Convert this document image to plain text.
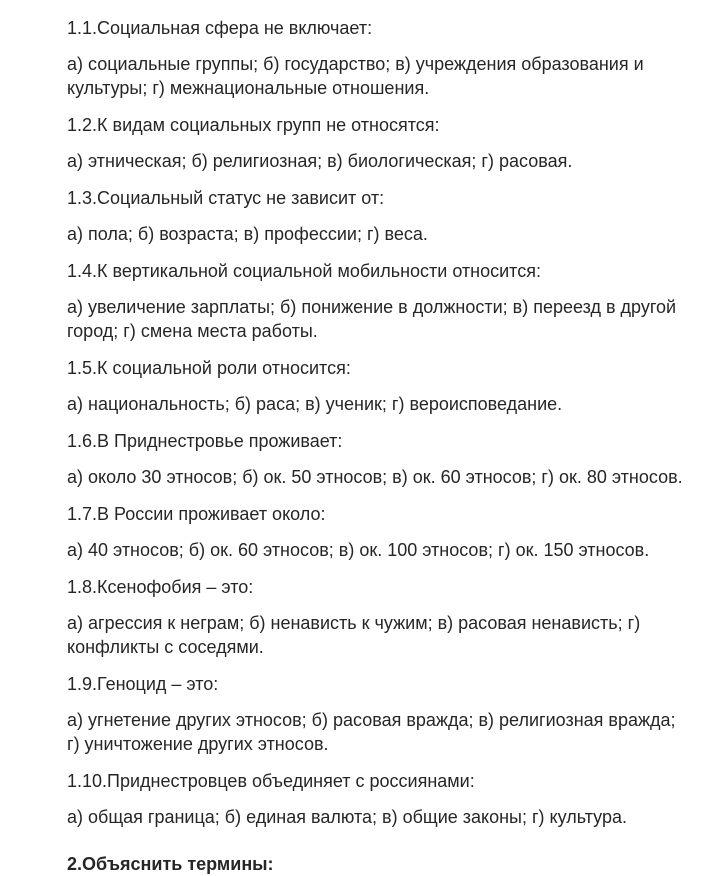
1.1.Социальная сфера не включает:

а) социальные группы; б) государство; в) учреждения образования и культуры; г) межнациональные отношения.

1.2.К видам социальных групп не относятся:

а) этническая; б) религиозная; в) биологическая; г) расовая.

1.3.Социальный статус не зависит от:

а) пола; б) возраста; в) профессии; г) веса.

1.4.К вертикальной социальной мобильности относится:

а) увеличение зарплаты; б) понижение в должности; в) переезд в другой город; г) смена места работы.

1.5.К социальной роли относится:

а) национальность; б) раса; в) ученик; г) вероисповедание.

1.6.В Приднестровье проживает:

а) около 30 этносов; б) ок. 50 этносов; в) ок. 60 этносов; г) ок. 80 этносов.

1.7.В России проживает около:

а) 40 этносов; б) ок. 60 этносов; в) ок. 100 этносов; г) ок. 150 этносов.

1.8.Ксенофобия – это:

а) агрессия к неграм; б) ненависть к чужим; в) расовая ненависть; г) конфликты с соседями.

1.9.Геноцид – это:

а) угнетение других этносов; б) расовая вражда; в) религиозная вражда; г) уничтожение других этносов.

1.10.Приднестровцев объединяет с россиянами:

а) общая граница; б) единая валюта; в) общие законы; г) культура.

2.Объяснить термины:
